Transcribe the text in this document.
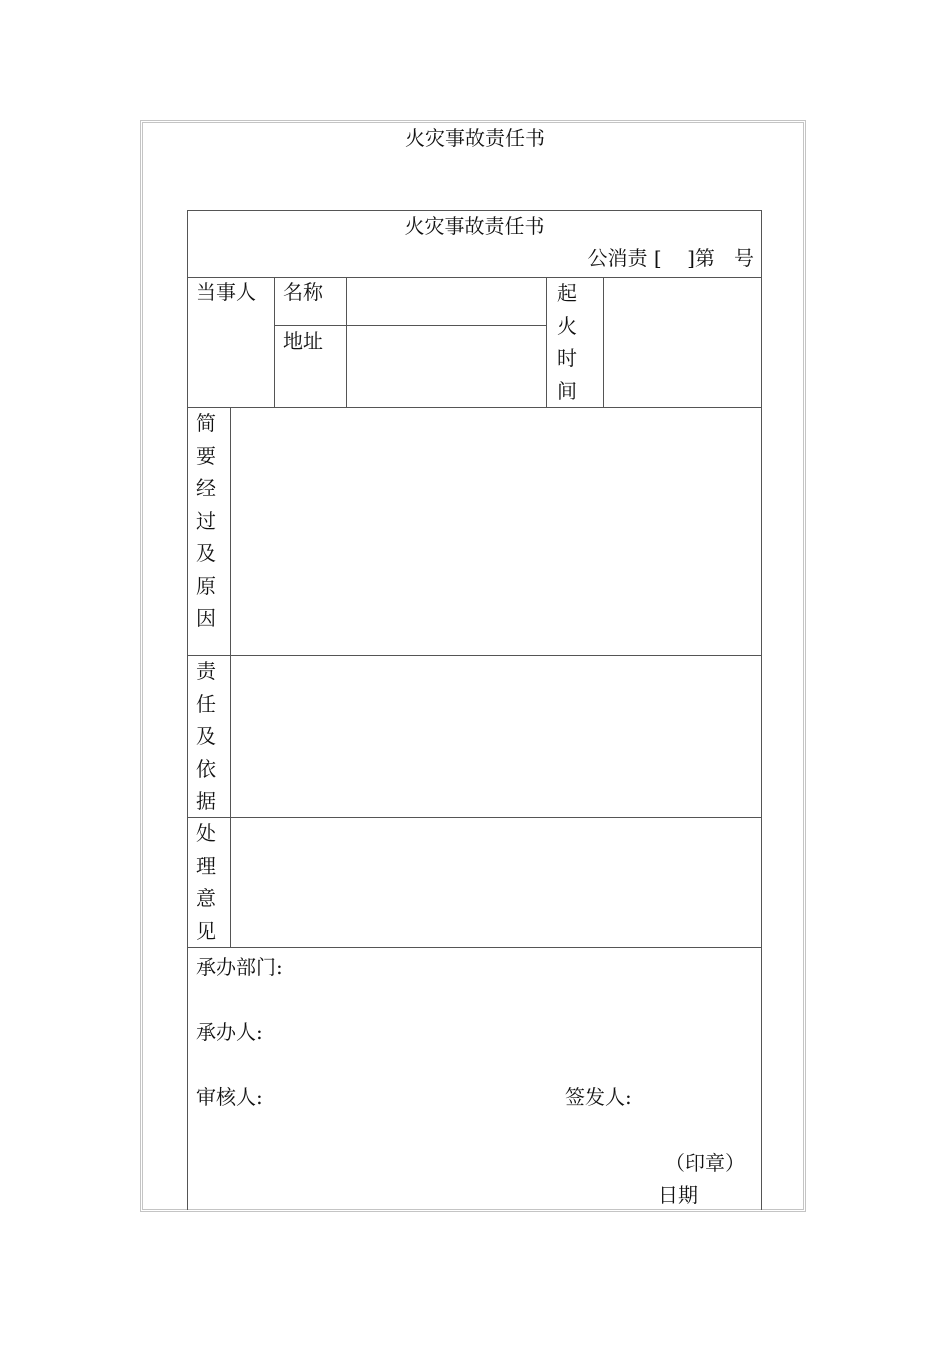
火灾事故责任书
火灾事故责任书
公消责 [    ]第   号
当事人 名称
地址
起
火
时
间
简
要
经
过
及
原
因
责
任
及
依
据
处
理
意
见
承办部门:
承办人:
审核人:	签发人:
（印章）
日期
